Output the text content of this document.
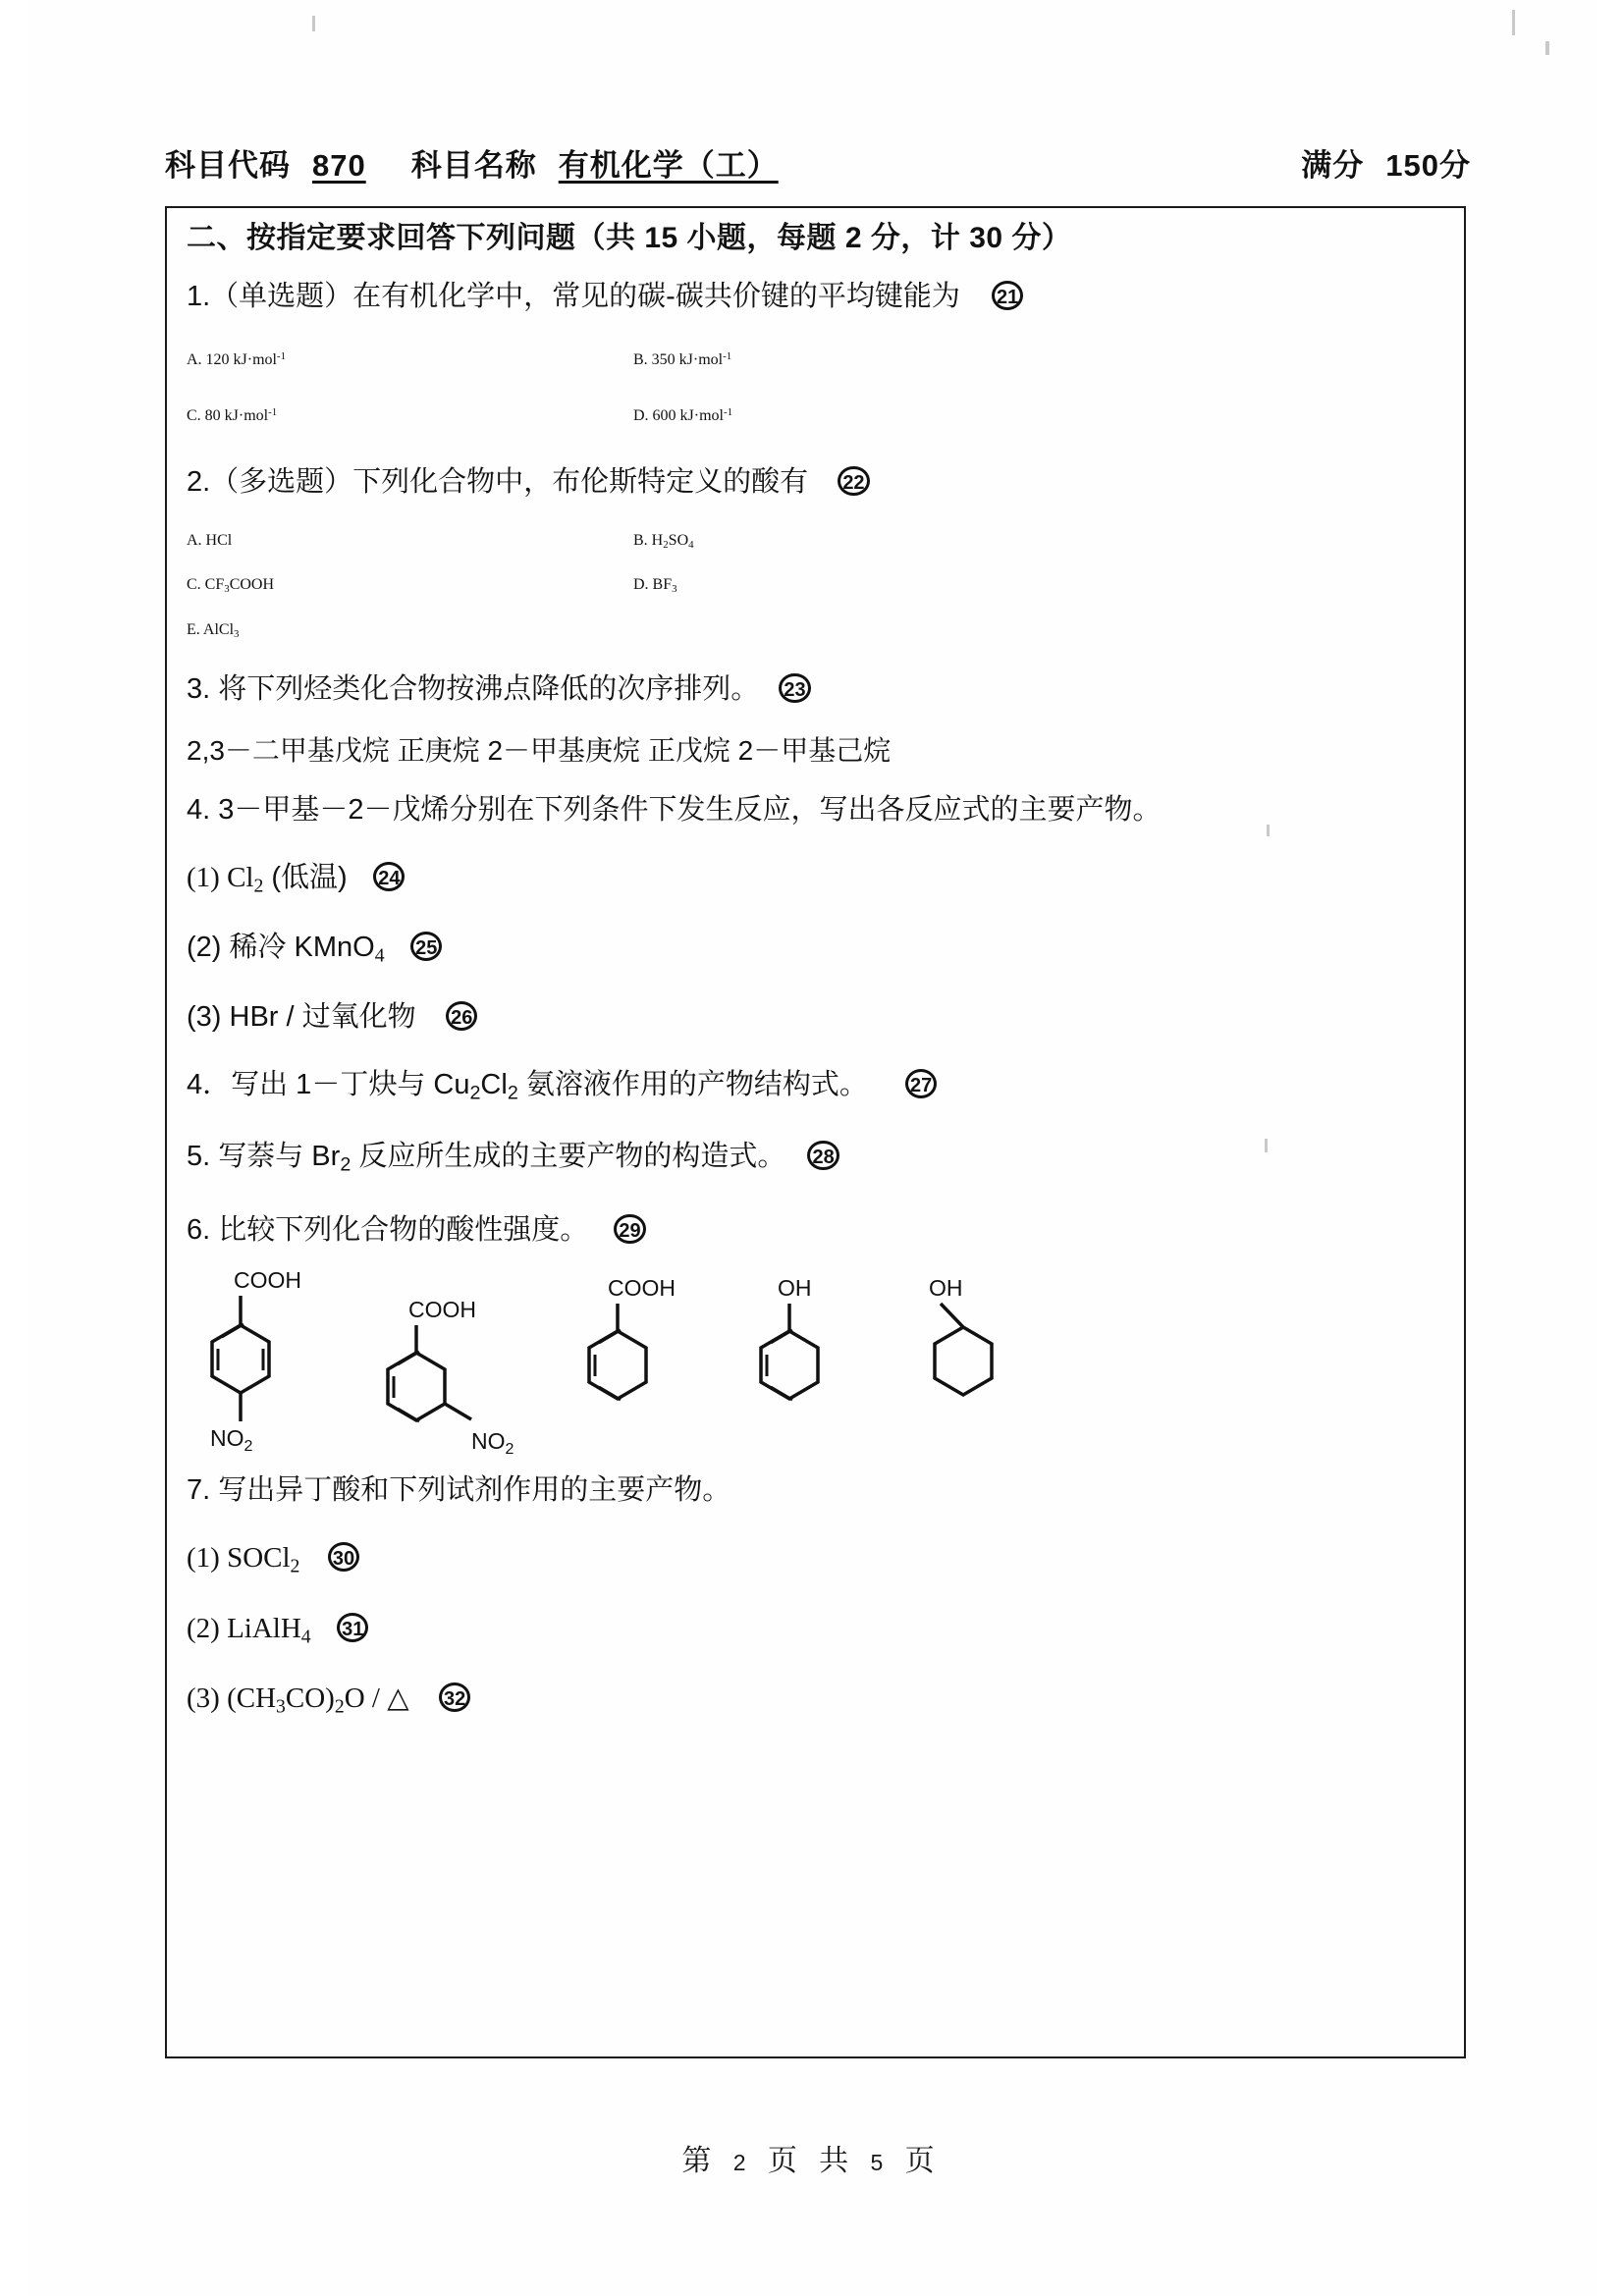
科目代码 870 科目名称 有机化学（工）	满分 150分
二、按指定要求回答下列问题（共 15 小题，每题 2 分，计 30 分）
1.（单选题）在有机化学中，常见的碳-碳共价键的平均键能为 21
A. 120 kJ·mol$^{-1}$	B. 350 kJ·mol$^{-1}$
C. 80 kJ·mol$^{-1}$	D. 600 kJ·mol$^{-1}$
2.（多选题）下列化合物中，布伦斯特定义的酸有 22
A. HCl	B. $H_2SO_4$
C. $CF_3COOH$	D. $BF_3$
E. AlCl$_3$
3. 将下列烃类化合物按沸点降低的次序排列。 23
2,3－二甲基戊烷 正庚烷 2－甲基庚烷 正戊烷 2－甲基己烷
4. 3－甲基－2－戊烯分别在下列条件下发生反应，写出各反应式的主要产物。
(1) $Cl_2$ (低温) 24
(2) 稀冷 KMnO$_4$ 25
(3) HBr / 过氧化物 26
4．写出 1－丁炔与 $Cu_2Cl_2$ 氨溶液作用的产物结构式。 27
5. 写萘与 $Br_2$ 反应所生成的主要产物的构造式。 28
6. 比较下列化合物的酸性强度。 29
COOH
$NO_2$
COOH
$NO_2$
COOH	OH	OH
7. 写出异丁酸和下列试剂作用的主要产物。
(1) SOCl$_2$ 30
(2) LiAlH$_4$ 31
(3) $(CH_3CO)_2O$ / △ 32
第 2 页 共 5 页
